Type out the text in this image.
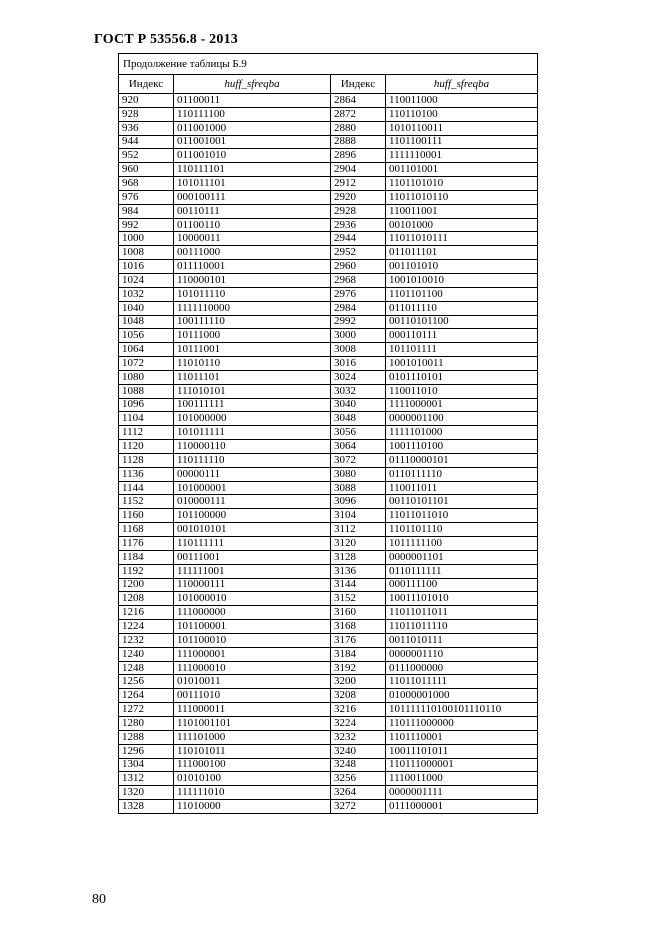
ГОСТ Р 53556.8 - 2013
Продолжение таблицы Б.9			
Индекс	huff_sfreqba	Индекс	huff_sfreqba
920	01100011	2864	110011000
928	110111100	2872	110110100
936	011001000	2880	1010110011
944	011001001	2888	1101100111
952	011001010	2896	1111110001
960	110111101	2904	001101001
968	101011101	2912	1101101010
976	000100111	2920	11011010110
984	00110111	2928	110011001
992	01100110	2936	00101000
1000	10000011	2944	11011010111
1008	00111000	2952	011011101
1016	011110001	2960	001101010
1024	110000101	2968	1001010010
1032	101011110	2976	1101101100
1040	1111110000	2984	011011110
1048	100111110	2992	00110101100
1056	10111000	3000	000110111
1064	10111001	3008	101101111
1072	11010110	3016	1001010011
1080	11011101	3024	0101110101
1088	111010101	3032	110011010
1096	100111111	3040	1111000001
1104	101000000	3048	0000001100
1112	101011111	3056	1111101000
1120	110000110	3064	1001110100
1128	110111110	3072	01110000101
1136	00000111	3080	0110111110
1144	101000001	3088	110011011
1152	010000111	3096	00110101101
1160	101100000	3104	11011011010
1168	001010101	3112	1101101110
1176	110111111	3120	1011111100
1184	00111001	3128	0000001101
1192	111111001	3136	0110111111
1200	110000111	3144	000111100
1208	101000010	3152	10011101010
1216	111000000	3160	11011011011
1224	101100001	3168	11011011110
1232	101100010	3176	0011010111
1240	111000001	3184	0000001110
1248	111000010	3192	0111000000
1256	01010011	3200	11011011111
1264	00111010	3208	01000001000
1272	111000011	3216	101111110100101110110
1280	1101001101	3224	110111000000
1288	111101000	3232	1101110001
1296	110101011	3240	10011101011
1304	111000100	3248	110111000001
1312	01010100	3256	1110011000
1320	111111010	3264	0000001111
1328	11010000	3272	0111000001
80
